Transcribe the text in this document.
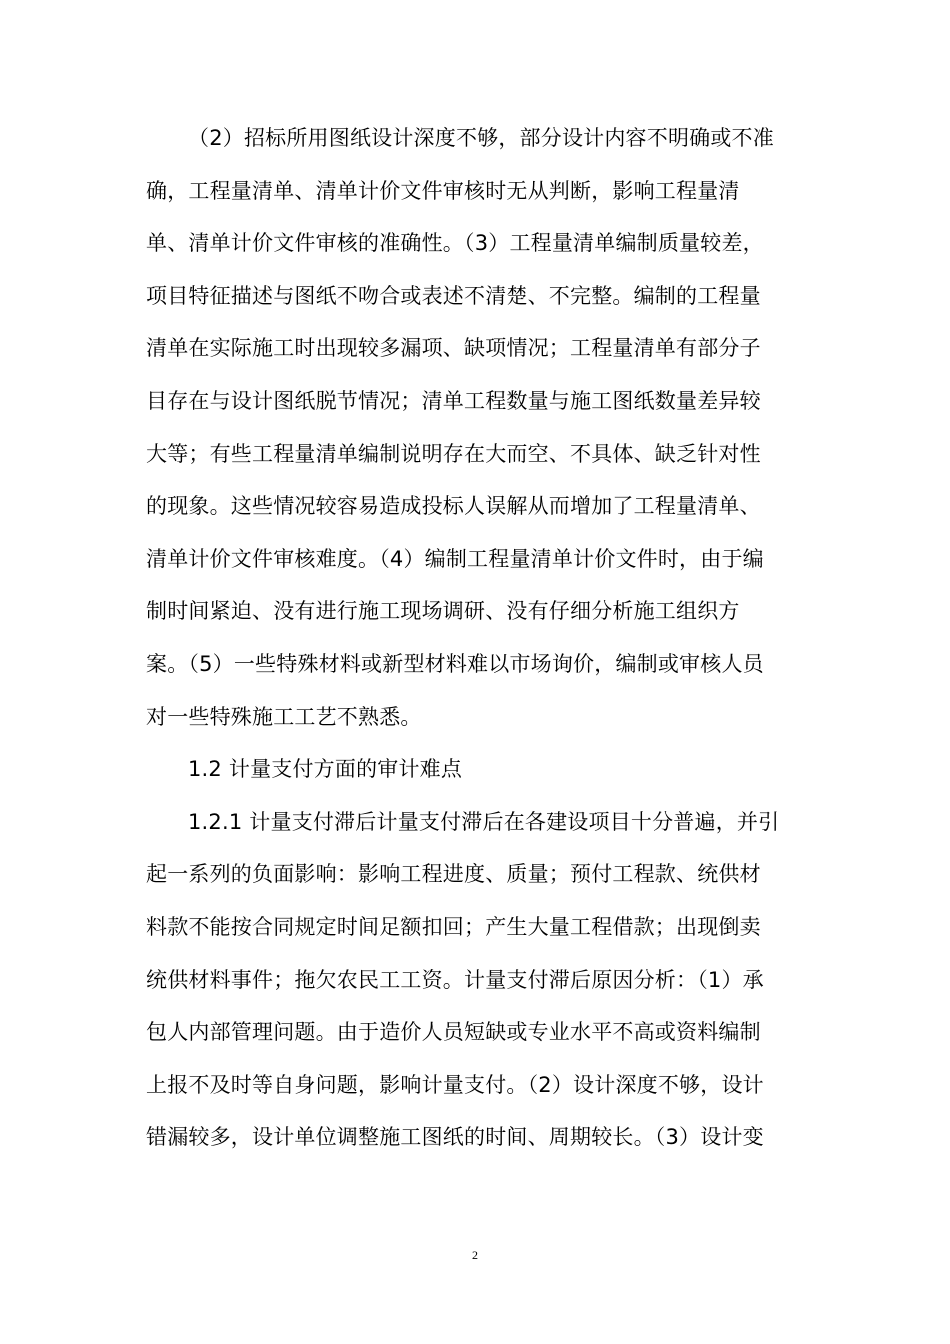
（2）招标所用图纸设计深度不够，部分设计内容不明确或不准
确，工程量清单、清单计价文件审核时无从判断，影响工程量清
单、清单计价文件审核的准确性。（3）工程量清单编制质量较差，
项目特征描述与图纸不吻合或表述不清楚、不完整。编制的工程量
清单在实际施工时出现较多漏项、缺项情况；工程量清单有部分子
目存在与设计图纸脱节情况；清单工程数量与施工图纸数量差异较
大等；有些工程量清单编制说明存在大而空、不具体、缺乏针对性
的现象。这些情况较容易造成投标人误解从而增加了工程量清单、
清单计价文件审核难度。（4）编制工程量清单计价文件时，由于编
制时间紧迫、没有进行施工现场调研、没有仔细分析施工组织方
案。（5）一些特殊材料或新型材料难以市场询价，编制或审核人员
对一些特殊施工工艺不熟悉。
1.2 计量支付方面的审计难点
1.2.1 计量支付滞后计量支付滞后在各建设项目十分普遍，并引
起一系列的负面影响：影响工程进度、质量；预付工程款、统供材
料款不能按合同规定时间足额扣回；产生大量工程借款；出现倒卖
统供材料事件；拖欠农民工工资。计量支付滞后原因分析：（1）承
包人内部管理问题。由于造价人员短缺或专业水平不高或资料编制
上报不及时等自身问题，影响计量支付。（2）设计深度不够，设计
错漏较多，设计单位调整施工图纸的时间、周期较长。（3）设计变
2
